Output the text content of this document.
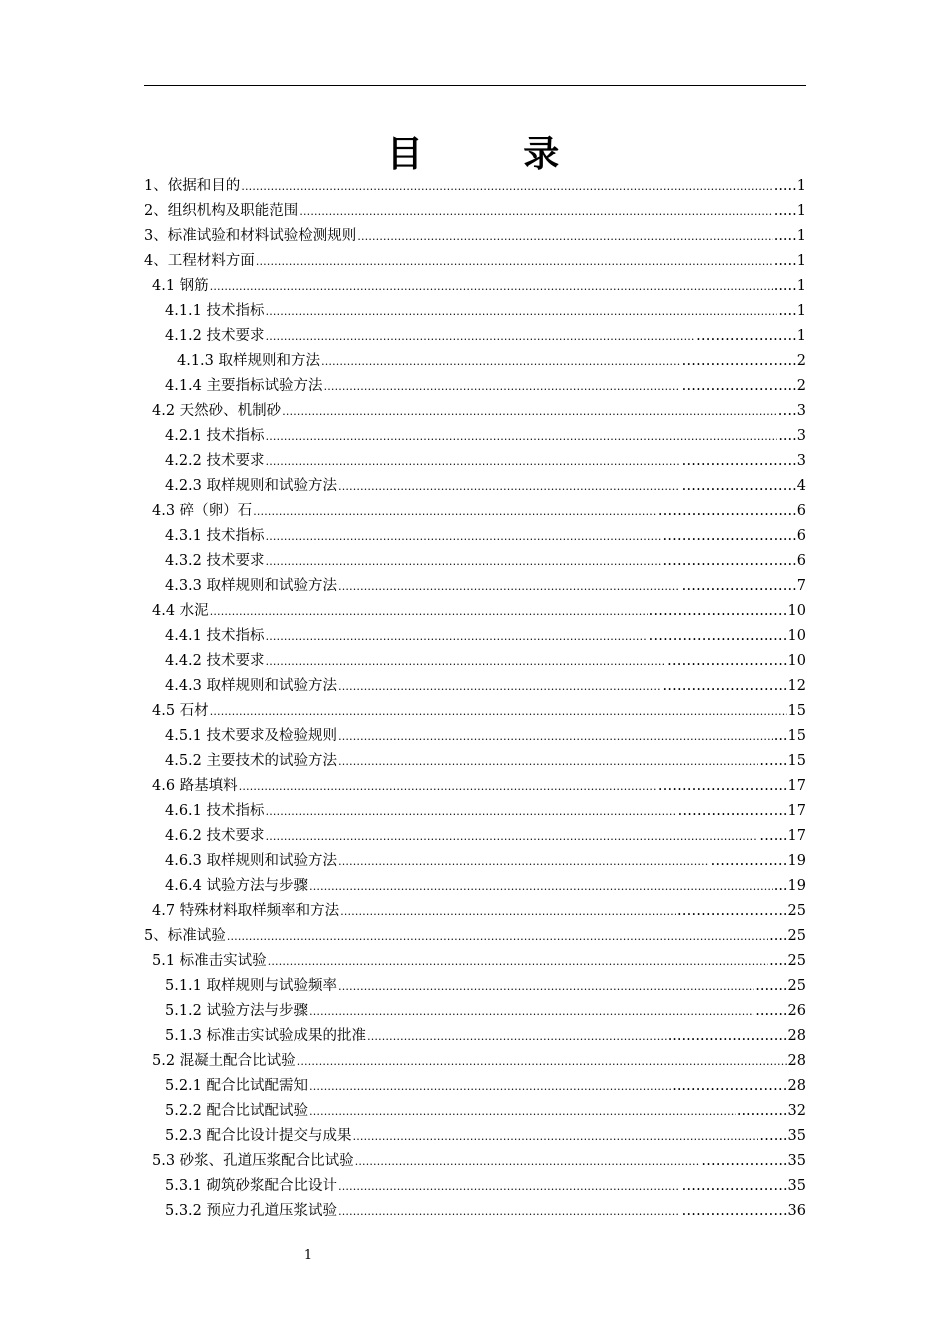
目 录
1、依据和目的 …………………………………………………………………………………………………………………………………………………………………………………………	.....1
2、组织机构及职能范围 …………………………………………………………………………………………………………………………………………………………………………………………	.....1
3、标准试验和材料试验检测规则 …………………………………………………………………………………………………………………………………………………………………………………………	.....1
4、工程材料方面 …………………………………………………………………………………………………………………………………………………………………………………………	.....1
4.1 钢筋 …………………………………………………………………………………………………………………………………………………………………………………………	.....1
4.1.1 技术指标 …………………………………………………………………………………………………………………………………………………………………………………………	....1
4.1.2 技术要求 …………………………………………………………………………………………………………………………………………………………………………………………	…………….…..1
4.1.3 取样规则和方法 …………………………………………………………………………………………………………………………………………………………………………………………	…………………...2
4.1.4 主要指标试验方法 …………………………………………………………………………………………………………………………………………………………………………………………	…………………...2
4.2 天然砂、机制砂 …………………………………………………………………………………………………………………………………………………………………………………………	….3
4.2.1 技术指标 …………………………………………………………………………………………………………………………………………………………………………………………	....3
4.2.2 技术要求 …………………………………………………………………………………………………………………………………………………………………………………………	……………….…..3
4.2.3 取样规则和试验方法 …………………………………………………………………………………………………………………………………………………………………………………………	……………….…..4
4.3 碎（卵）石 …………………………………………………………………………………………………………………………………………………………………………………………	…………………….....6
4.3.1 技术指标 …………………………………………………………………………………………………………………………………………………………………………………………	……………………....6
4.3.2 技术要求 …………………………………………………………………………………………………………………………………………………………………………………………	……………………....6
4.3.3 取样规则和试验方法 …………………………………………………………………………………………………………………………………………………………………………………………	……………….…..7
4.4 水泥 …………………………………………………………………………………………………………………………………………………………………………………………	………………….....…10
4.4.1 技术指标 …………………………………………………………………………………………………………………………………………………………………………………………	………………….....…10
4.4.2 技术要求 …………………………………………………………………………………………………………………………………………………………………………………………	…………………….10
4.4.3 取样规则和试验方法 …………………………………………………………………………………………………………………………………………………………………………………………	……………………..12
4.5 石材 …………………………………………………………………………………………………………………………………………………………………………………………	15
4.5.1 技术要求及检验规则 …………………………………………………………………………………………………………………………………………………………………………………………	...15
4.5.2 主要技术的试验方法 …………………………………………………………………………………………………………………………………………………………………………………………	…...15
4.6 路基填料 …………………………………………………………………………………………………………………………………………………………………………………………	……………………...17
4.6.1 技术指标 …………………………………………………………………………………………………………………………………………………………………………………………	…………...……..17
4.6.2 技术要求 …………………………………………………………………………………………………………………………………………………………………………………………	…...17
4.6.3 取样规则和试验方法 …………………………………………………………………………………………………………………………………………………………………………………………	………….…19
4.6.4 试验方法与步骤 …………………………………………………………………………………………………………………………………………………………………………………………	...19
4.7 特殊材料取样频率和方法 …………………………………………………………………………………………………………………………………………………………………………………………	…………………..25
5、标准试验 …………………………………………………………………………………………………………………………………………………………………………………………	....25
5.1 标准击实试验 …………………………………………………………………………………………………………………………………………………………………………………………	....25
5.1.1 取样规则与试验频率 …………………………………………………………………………………………………………………………………………………………………………………………	.......25
5.1.2 试验方法与步骤 …………………………………………………………………………………………………………………………………………………………………………………………	.......26
5.1.3 标准击实试验成果的批准 …………………………………………………………………………………………………………………………………………………………………………………………	..........................28
5.2 混凝土配合比试验 …………………………………………………………………………………………………………………………………………………………………………………………	28
5.2.1 配合比试配需知 …………………………………………………………………………………………………………………………………………………………………………………………	...…………………28
5.2.2 配合比试配试验 …………………………………………………………………………………………………………………………………………………………………………………………	...........32
5.2.3 配合比设计提交与成果 …………………………………………………………………………………………………………………………………………………………………………………………	…...35
5.3 砂浆、孔道压浆配合比试验 …………………………………………………………………………………………………………………………………………………………………………………………	……………...35
5.3.1 砌筑砂浆配合比设计 …………………………………………………………………………………………………………………………………………………………………………………………	………………….35
5.3.2 预应力孔道压浆试验 …………………………………………………………………………………………………………………………………………………………………………………………	………………….36
1
